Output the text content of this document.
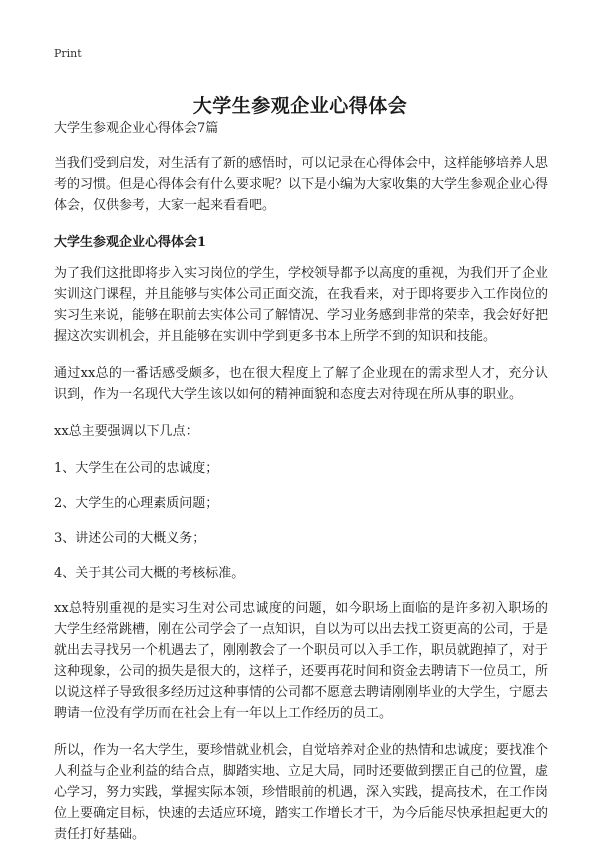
Print
大学生参观企业心得体会

大学生参观企业心得体会7篇

当我们受到启发，对生活有了新的感悟时，可以记录在心得体会中，这样能够培养人思考的习惯。但是心得体会有什么要求呢？以下是小编为大家收集的大学生参观企业心得体会，仅供参考，大家一起来看看吧。

大学生参观企业心得体会1

为了我们这批即将步入实习岗位的学生，学校领导都予以高度的重视，为我们开了企业实训这门课程，并且能够与实体公司正面交流，在我看来，对于即将要步入工作岗位的实习生来说，能够在职前去实体公司了解情况、学习业务感到非常的荣幸，我会好好把握这次实训机会，并且能够在实训中学到更多书本上所学不到的知识和技能。

通过xx总的一番话感受颇多，也在很大程度上了解了企业现在的需求型人才，充分认识到，作为一名现代大学生该以如何的精神面貌和态度去对待现在所从事的职业。

xx总主要强调以下几点：

1、大学生在公司的忠诚度；

2、大学生的心理素质问题；

3、讲述公司的大概义务；

4、关于其公司大概的考核标准。

xx总特别重视的是实习生对公司忠诚度的问题，如今职场上面临的是许多初入职场的大学生经常跳槽，刚在公司学会了一点知识，自以为可以出去找工资更高的公司，于是就出去寻找另一个机遇去了，刚刚教会了一个职员可以入手工作，职员就跑掉了，对于这种现象，公司的损失是很大的，这样子，还要再花时间和资金去聘请下一位员工，所以说这样子导致很多经历过这种事情的公司都不愿意去聘请刚刚毕业的大学生，宁愿去聘请一位没有学历而在社会上有一年以上工作经历的员工。

所以，作为一名大学生，要珍惜就业机会，自觉培养对企业的热情和忠诚度；要找准个人利益与企业利益的结合点，脚踏实地、立足大局，同时还要做到摆正自己的位置，虚心学习，努力实践，掌握实际本领，珍惜眼前的机遇，深入实践，提高技术，在工作岗位上要确定目标，快速的去适应环境，踏实工作增长才干，为今后能尽快承担起更大的责任打好基础。
